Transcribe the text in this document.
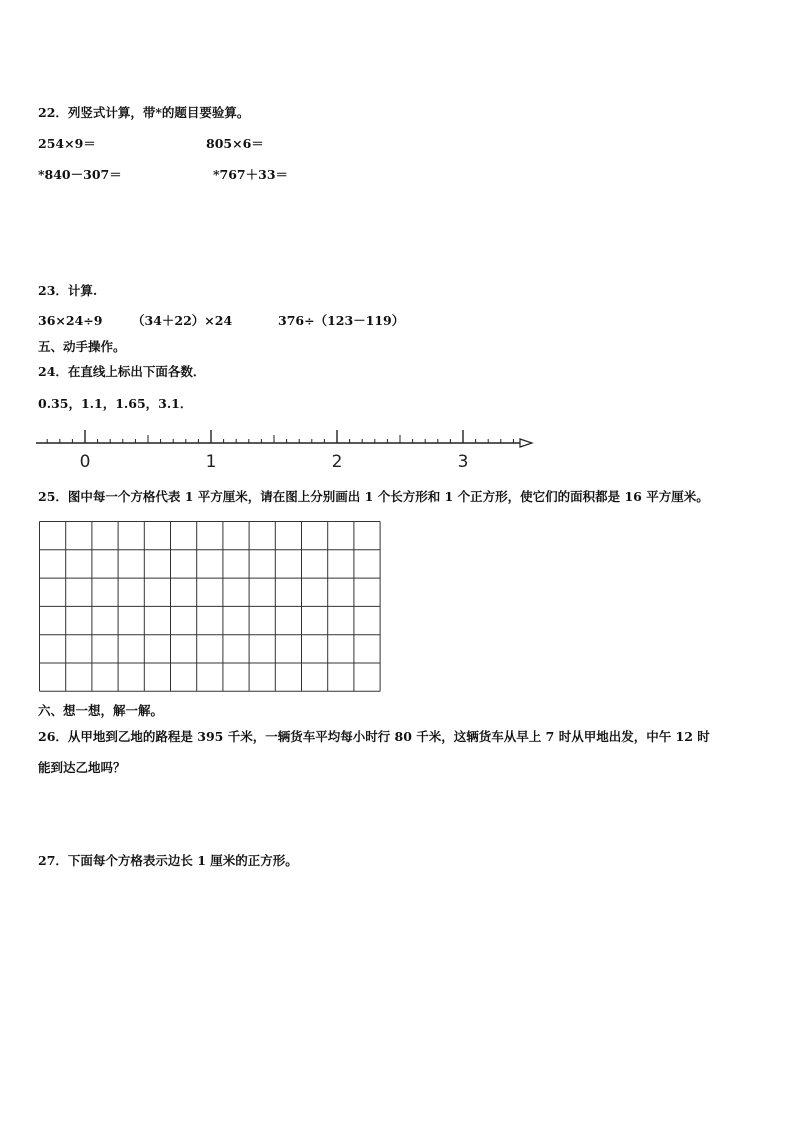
22．列竖式计算，带*的题目要验算。
254×9＝	805×6＝
*840－307＝	*767＋33＝
23．计算.
36×24÷9 （34＋22）×24	376÷（123－119）
五、动手操作。
24．在直线上标出下面各数．
0.35，1.1，1.65，3.1．
0	1	2	3
25．图中每一个方格代表 1 平方厘米，请在图上分别画出 1 个长方形和 1 个正方形，使它们的面积都是 16 平方厘米。
六、想一想，解一解。
26．从甲地到乙地的路程是 395 千米，一辆货车平均每小时行 80 千米，这辆货车从早上 7 时从甲地出发，中午 12 时
能到达乙地吗？
27．下面每个方格表示边长 1 厘米的正方形。
